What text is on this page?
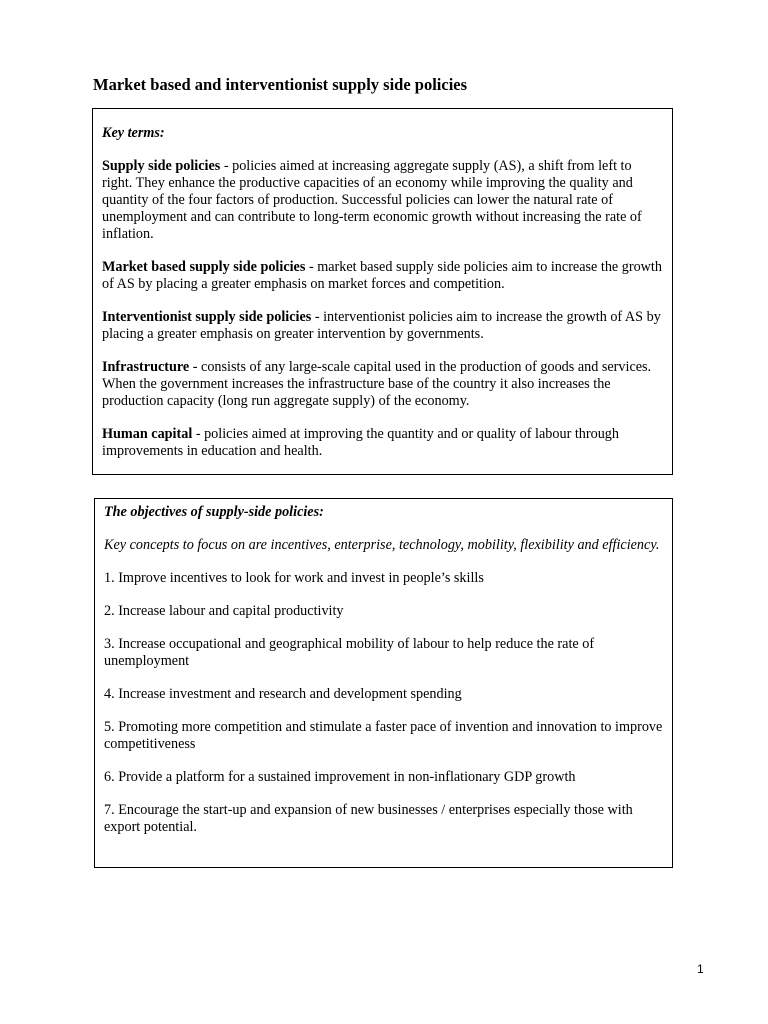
Market based and interventionist supply side policies

Key terms:

Supply side policies - policies aimed at increasing aggregate supply (AS), a shift from left to right. They enhance the productive capacities of an economy while improving the quality and quantity of the four factors of production. Successful policies can lower the natural rate of unemployment and can contribute to long-term economic growth without increasing the rate of inflation.

Market based supply side policies - market based supply side policies aim to increase the growth of AS by placing a greater emphasis on market forces and competition.

Interventionist supply side policies - interventionist policies aim to increase the growth of AS by placing a greater emphasis on greater intervention by governments.

Infrastructure - consists of any large-scale capital used in the production of goods and services. When the government increases the infrastructure base of the country it also increases the production capacity (long run aggregate supply) of the economy.

Human capital - policies aimed at improving the quantity and or quality of labour through improvements in education and health.

The objectives of supply-side policies:

Key concepts to focus on are incentives, enterprise, technology, mobility, flexibility and efficiency.

1. Improve incentives to look for work and invest in people’s skills

2. Increase labour and capital productivity

3. Increase occupational and geographical mobility of labour to help reduce the rate of unemployment

4. Increase investment and research and development spending

5. Promoting more competition and stimulate a faster pace of invention and innovation to improve competitiveness

6. Provide a platform for a sustained improvement in non-inflationary GDP growth

7. Encourage the start-up and expansion of new businesses / enterprises especially those with export potential.

1
